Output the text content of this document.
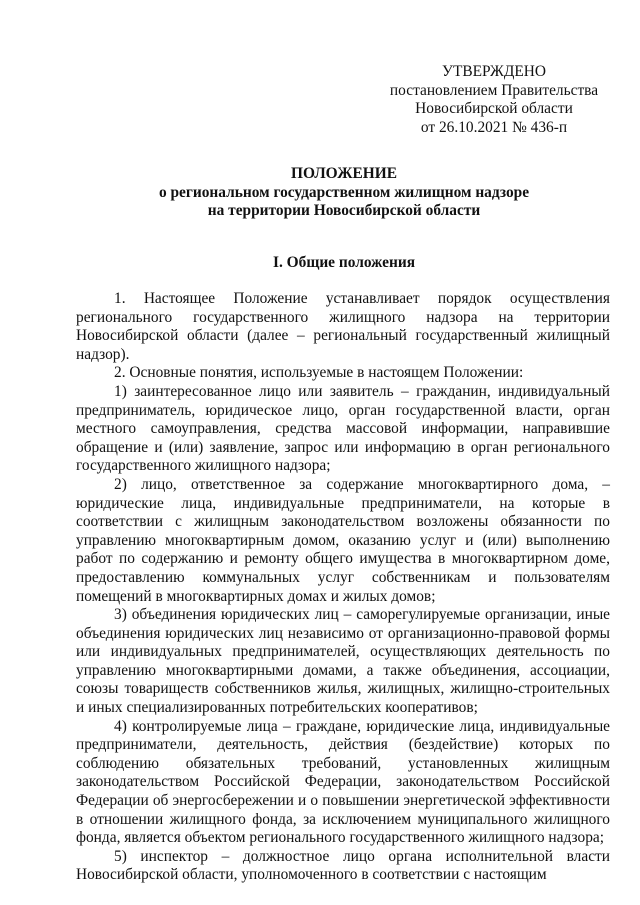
УТВЕРЖДЕНО
постановлением Правительства
Новосибирской области
от 26.10.2021 № 436-п
ПОЛОЖЕНИЕ
о региональном государственном жилищном надзоре
на территории Новосибирской области
I. Общие положения

1. Настоящее Положение устанавливает порядок осуществления регионального государственного жилищного надзора на территории Новосибирской области (далее – региональный государственный жилищный надзор).

2. Основные понятия, используемые в настоящем Положении:

1) заинтересованное лицо или заявитель – гражданин, индивидуальный предприниматель, юридическое лицо, орган государственной власти, орган местного самоуправления, средства массовой информации, направившие обращение и (или) заявление, запрос или информацию в орган регионального государственного жилищного надзора;

2) лицо, ответственное за содержание многоквартирного дома, – юридические лица, индивидуальные предприниматели, на которые в соответствии с жилищным законодательством возложены обязанности по управлению многоквартирным домом, оказанию услуг и (или) выполнению работ по содержанию и ремонту общего имущества в многоквартирном доме, предоставлению коммунальных услуг собственникам и пользователям помещений в многоквартирных домах и жилых домов;

3) объединения юридических лиц – саморегулируемые организации, иные объединения юридических лиц независимо от организационно-правовой формы или индивидуальных предпринимателей, осуществляющих деятельность по управлению многоквартирными домами, а также объединения, ассоциации, союзы товариществ собственников жилья, жилищных, жилищно-строительных и иных специализированных потребительских кооперативов;

4) контролируемые лица – граждане, юридические лица, индивидуальные предприниматели, деятельность, действия (бездействие) которых по соблюдению обязательных требований, установленных жилищным законодательством Российской Федерации, законодательством Российской Федерации об энергосбережении и о повышении энергетической эффективности в отношении жилищного фонда, за исключением муниципального жилищного фонда, является объектом регионального государственного жилищного надзора;

5) инспектор – должностное лицо органа исполнительной власти Новосибирской области, уполномоченного в соответствии с настоящим
